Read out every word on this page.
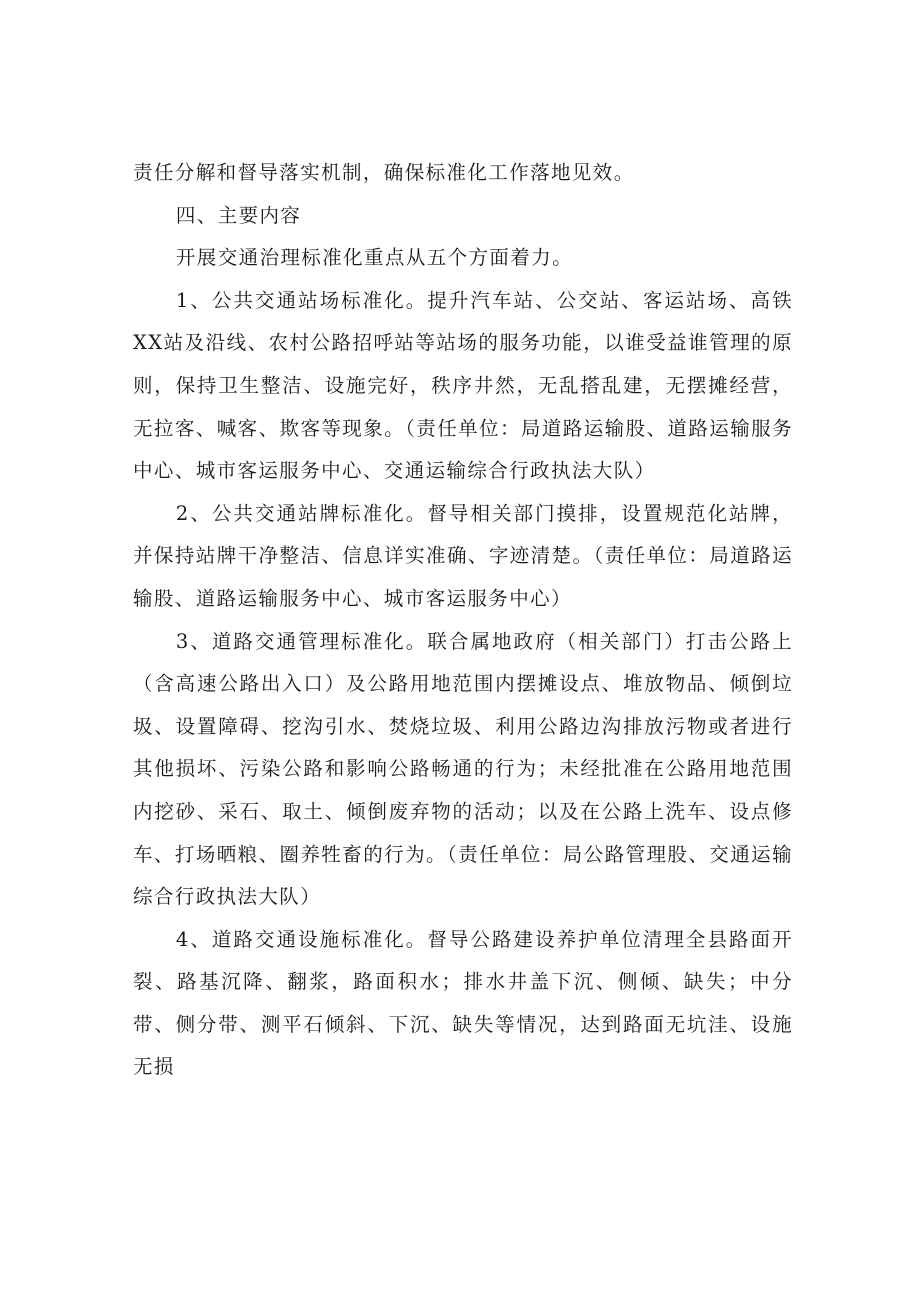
责任分解和督导落实机制，确保标准化工作落地见效。

四、主要内容

开展交通治理标准化重点从五个方面着力。

1、公共交通站场标准化。提升汽车站、公交站、客运站场、高铁XX站及沿线、农村公路招呼站等站场的服务功能，以谁受益谁管理的原则，保持卫生整洁、设施完好，秩序井然，无乱搭乱建，无摆摊经营，无拉客、喊客、欺客等现象。（责任单位：局道路运输股、道路运输服务中心、城市客运服务中心、交通运输综合行政执法大队）

2、公共交通站牌标准化。督导相关部门摸排，设置规范化站牌，并保持站牌干净整洁、信息详实准确、字迹清楚。（责任单位：局道路运输股、道路运输服务中心、城市客运服务中心）

3、道路交通管理标准化。联合属地政府（相关部门）打击公路上（含高速公路出入口）及公路用地范围内摆摊设点、堆放物品、倾倒垃圾、设置障碍、挖沟引水、焚烧垃圾、利用公路边沟排放污物或者进行其他损坏、污染公路和影响公路畅通的行为；未经批准在公路用地范围内挖砂、采石、取土、倾倒废弃物的活动；以及在公路上洗车、设点修车、打场晒粮、圈养牲畜的行为。（责任单位：局公路管理股、交通运输综合行政执法大队）

4、道路交通设施标准化。督导公路建设养护单位清理全县路面开裂、路基沉降、翻浆，路面积水；排水井盖下沉、侧倾、缺失；中分带、侧分带、测平石倾斜、下沉、缺失等情况，达到路面无坑洼、设施无损
